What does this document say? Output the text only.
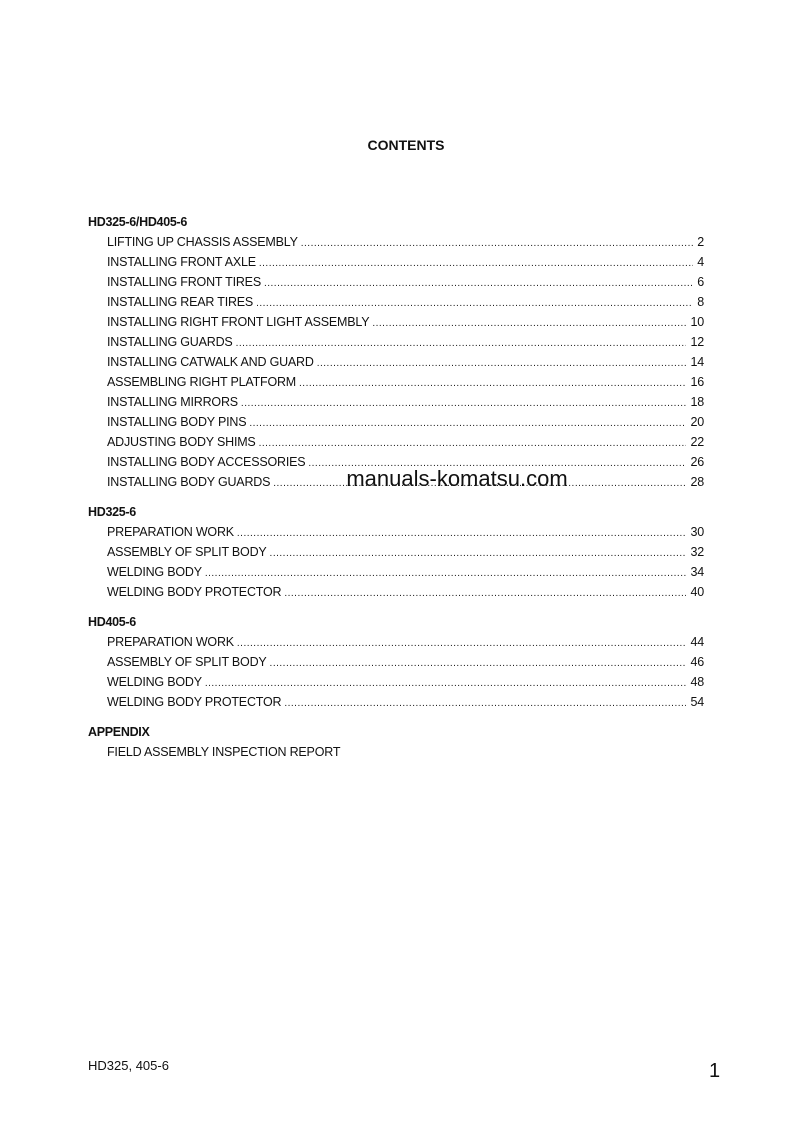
CONTENTS
HD325-6/HD405-6
LIFTING UP CHASSIS ASSEMBLY .....	2
INSTALLING FRONT AXLE .....	4
INSTALLING FRONT TIRES .....	6
INSTALLING REAR TIRES .....	8
INSTALLING RIGHT FRONT LIGHT ASSEMBLY .....	10
INSTALLING GUARDS .....	12
INSTALLING CATWALK AND GUARD .....	14
ASSEMBLING RIGHT PLATFORM .....	16
INSTALLING MIRRORS .....	18
INSTALLING BODY PINS .....	20
ADJUSTING BODY SHIMS .....	22
INSTALLING BODY ACCESSORIES .....	26
INSTALLING BODY GUARDS .....	28
HD325-6
PREPARATION WORK .....	30
ASSEMBLY OF SPLIT BODY .....	32
WELDING BODY .....	34
WELDING BODY PROTECTOR .....	40
HD405-6
PREPARATION WORK .....	44
ASSEMBLY OF SPLIT BODY .....	46
WELDING BODY .....	48
WELDING BODY PROTECTOR .....	54
APPENDIX
FIELD ASSEMBLY INSPECTION REPORT
manuals-komatsu.com
HD325, 405-6	1
